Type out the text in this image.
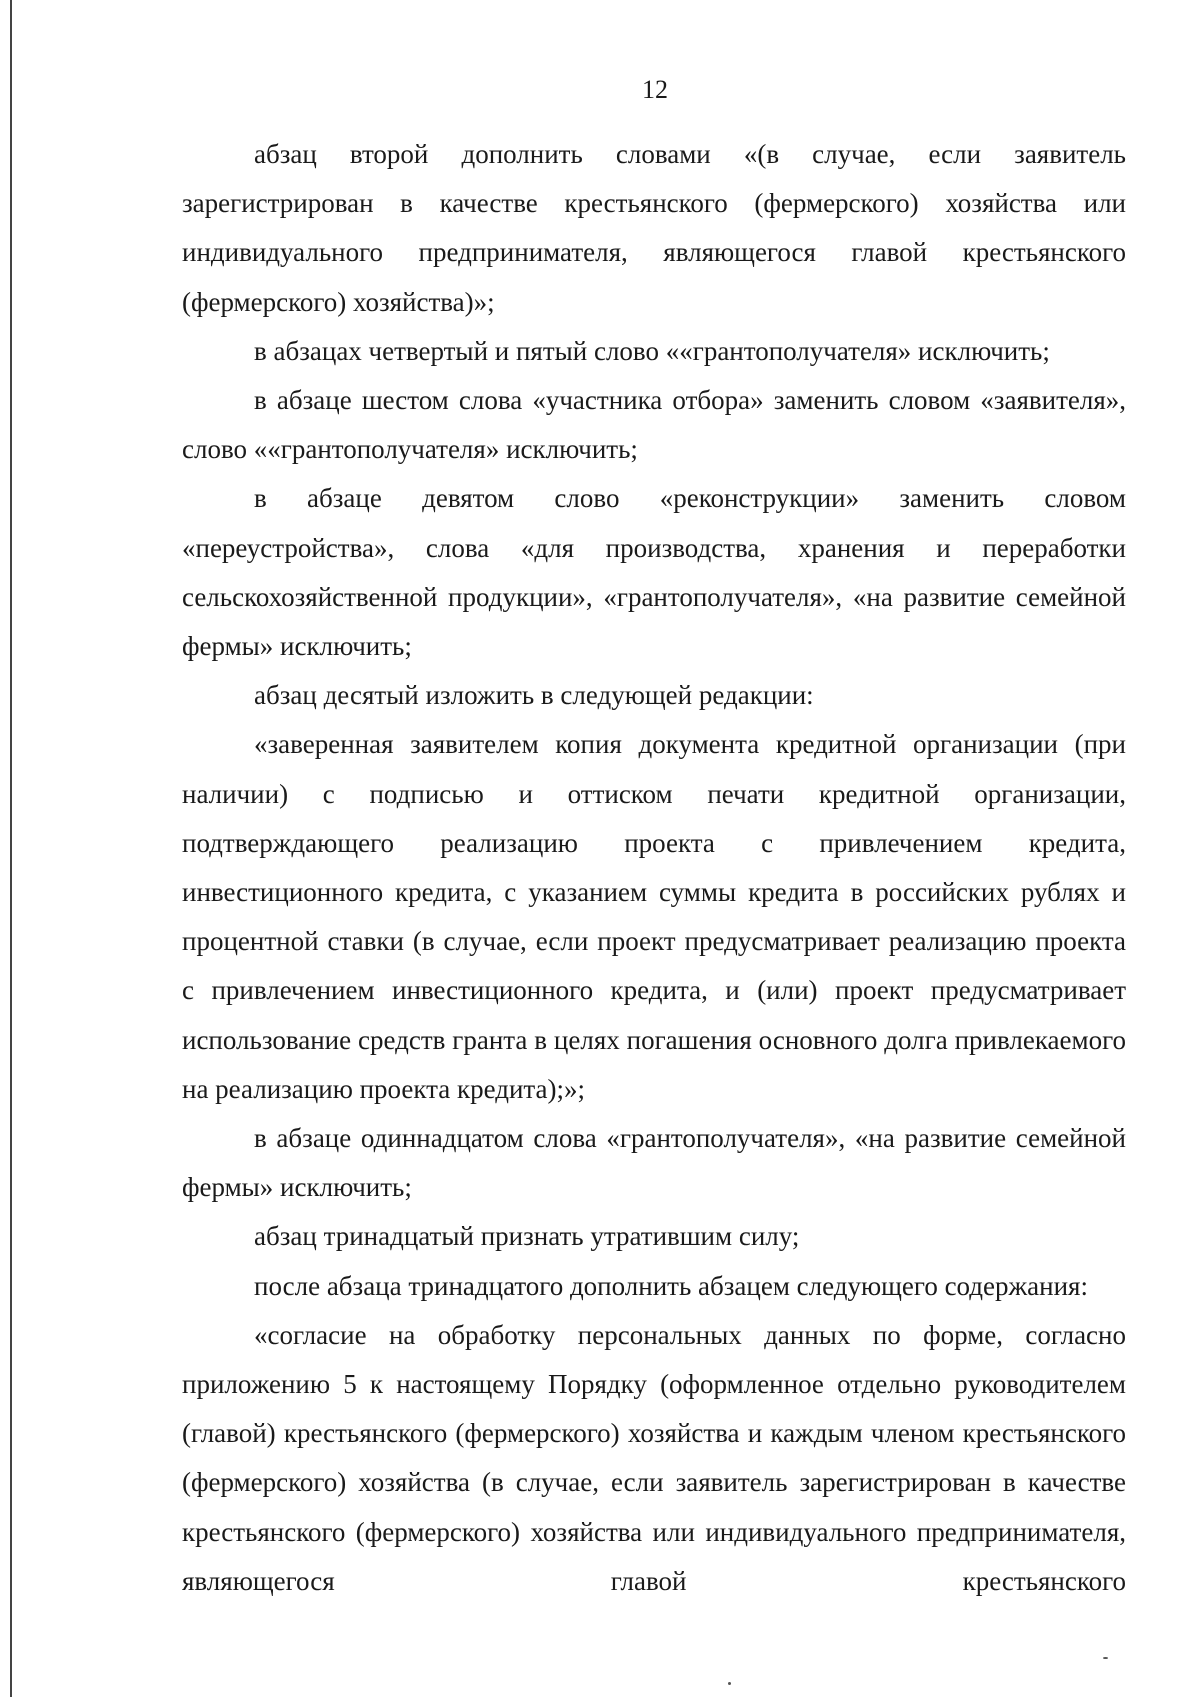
12

абзац второй дополнить словами «(в случае, если заявитель зарегистрирован в качестве крестьянского (фермерского) хозяйства или индивидуального предпринимателя, являющегося главой крестьянского (фермерского) хозяйства)»;

в абзацах четвертый и пятый слово ««грантополучателя» исключить;

в абзаце шестом слова «участника отбора» заменить словом «заявителя», слово ««грантополучателя» исключить;

в абзаце девятом слово «реконструкции» заменить словом «переустройства», слова «для производства, хранения и переработки сельскохозяйственной продукции», «грантополучателя», «на развитие семейной фермы» исключить;

абзац десятый изложить в следующей редакции:

«заверенная заявителем копия документа кредитной организации (при наличии) с подписью и оттиском печати кредитной организации, подтверждающего реализацию проекта с привлечением кредита, инвестиционного кредита, с указанием суммы кредита в российских рублях и процентной ставки (в случае, если проект предусматривает реализацию проекта с привлечением инвестиционного кредита, и (или) проект предусматривает использование средств гранта в целях погашения основного долга привлекаемого на реализацию проекта кредита);»;

в абзаце одиннадцатом слова «грантополучателя», «на развитие семейной фермы» исключить;

абзац тринадцатый признать утратившим силу;

после абзаца тринадцатого дополнить абзацем следующего содержания:

«согласие на обработку персональных данных по форме, согласно приложению 5 к настоящему Порядку (оформленное отдельно руководителем (главой) крестьянского (фермерского) хозяйства и каждым членом крестьянского (фермерского) хозяйства (в случае, если заявитель зарегистрирован в качестве крестьянского (фермерского) хозяйства или индивидуального предпринимателя, являющегося главой крестьянского
